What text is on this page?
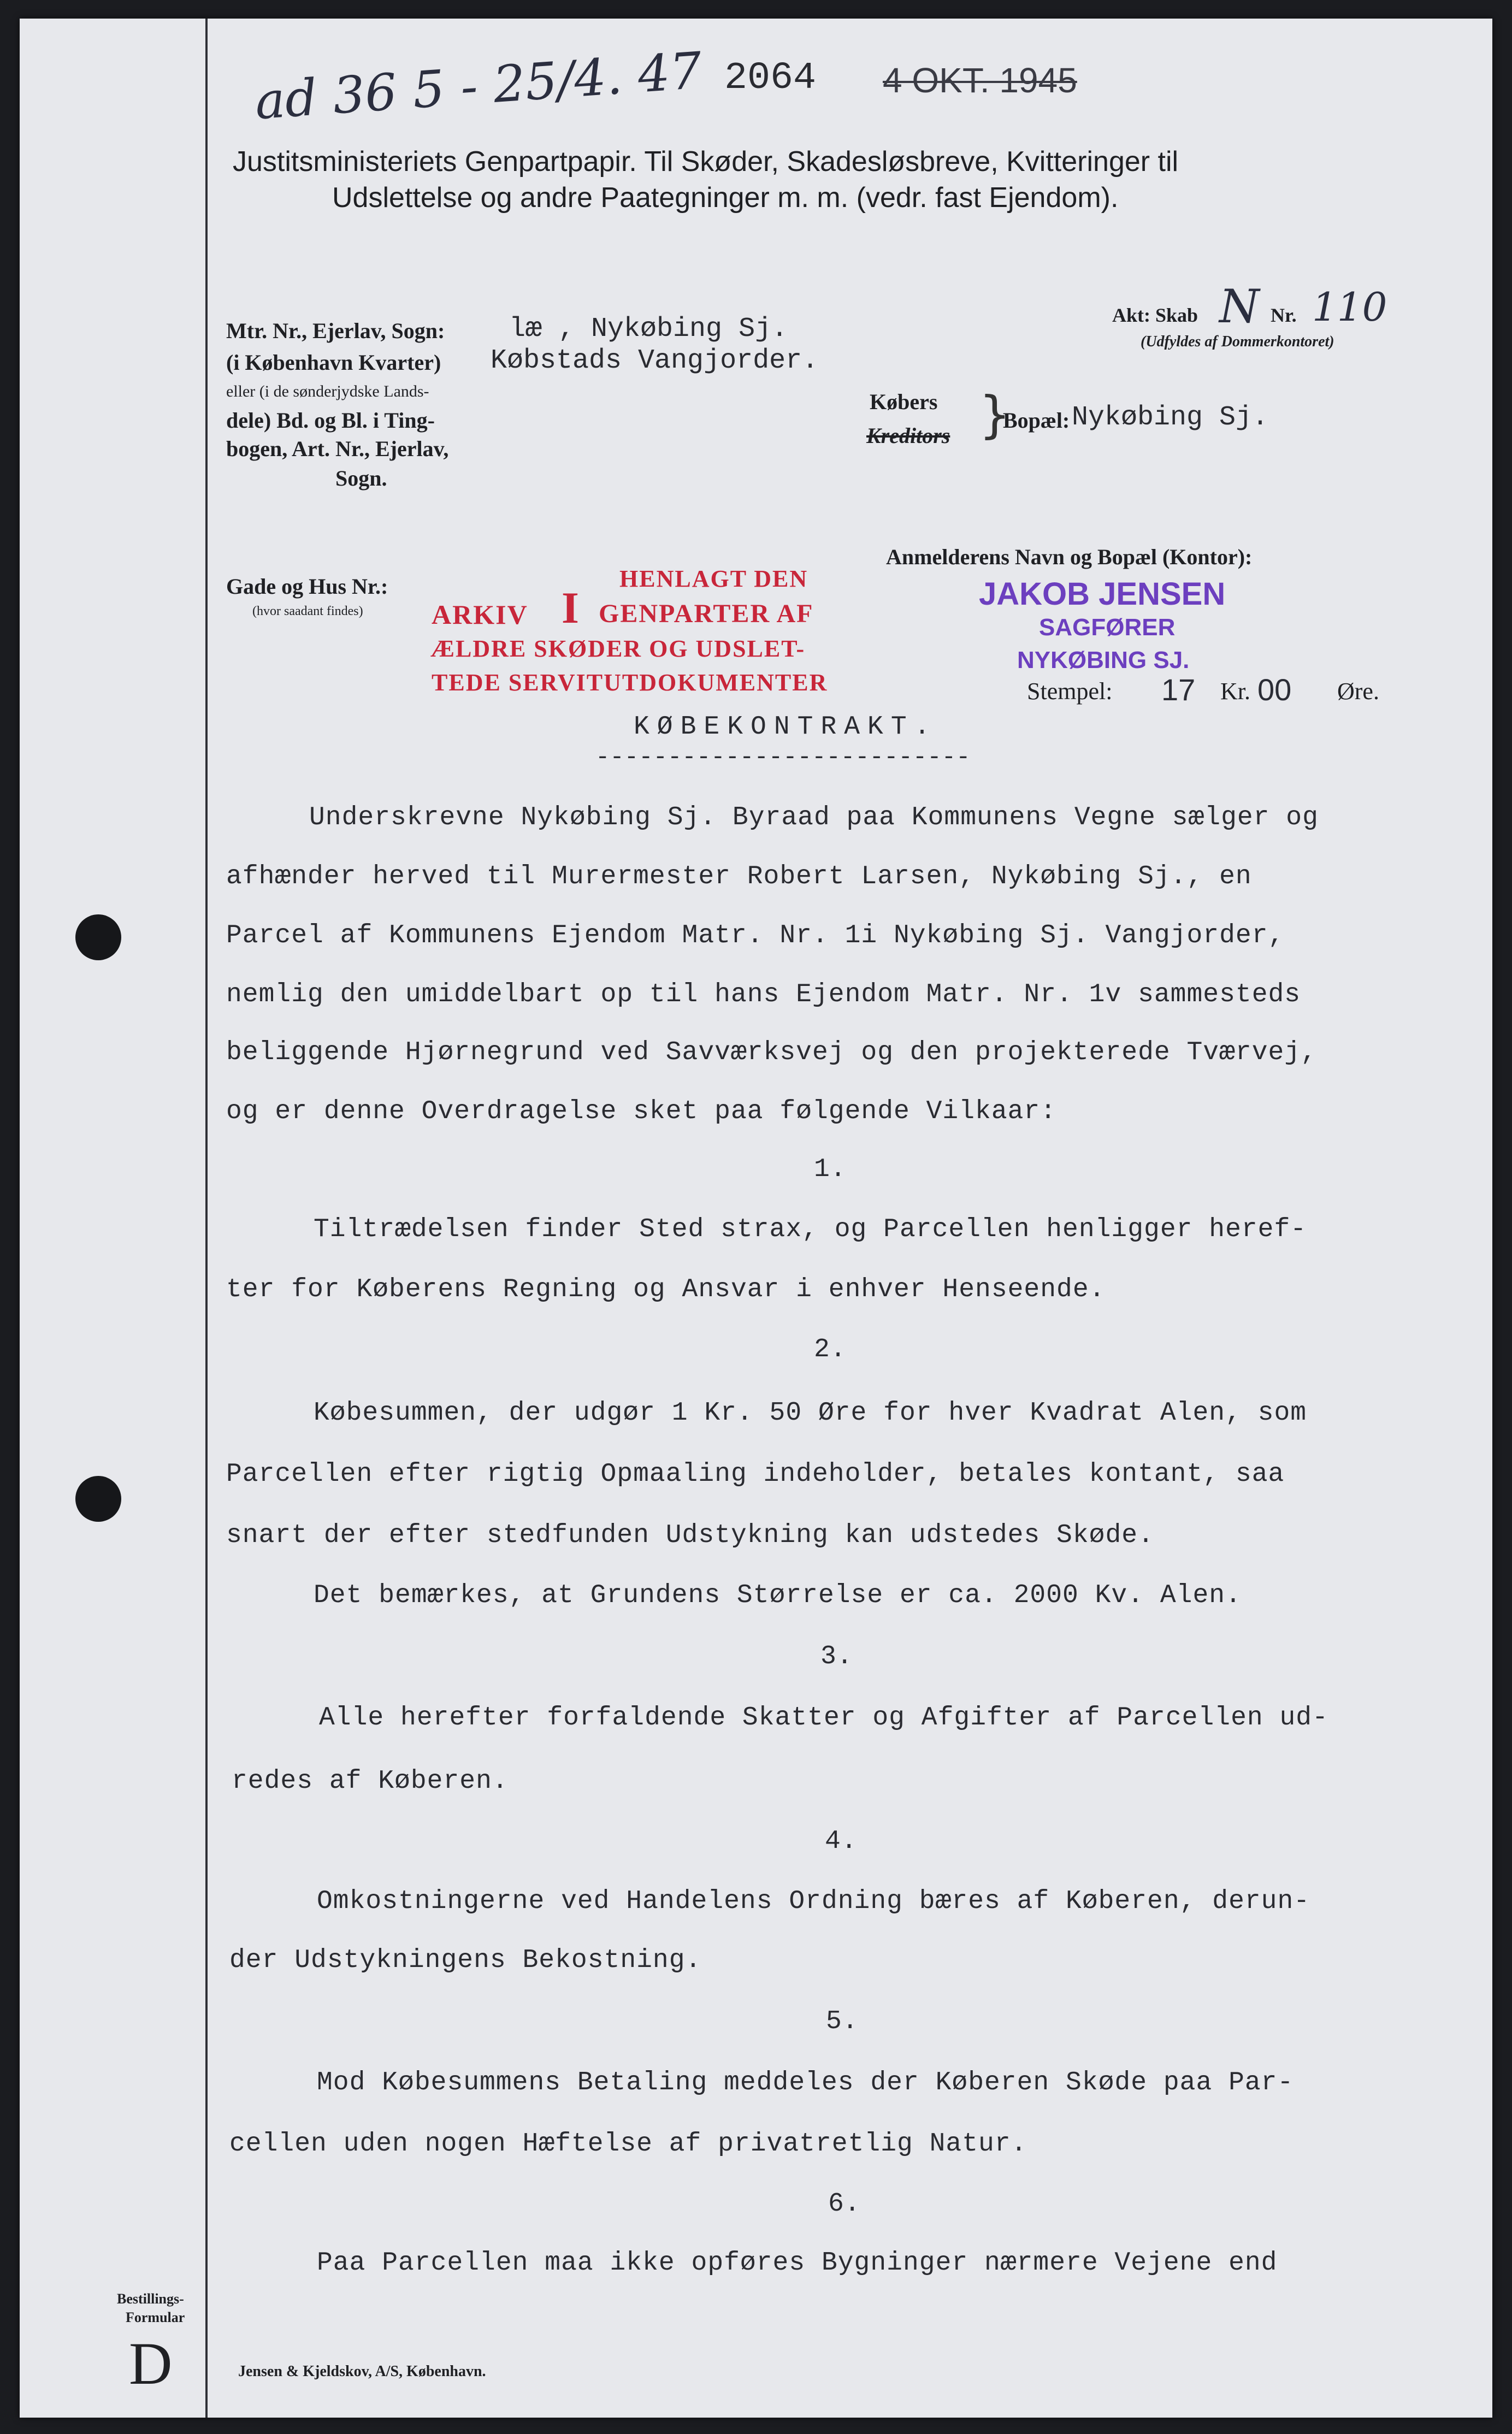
ad 36 5 - 25/4. 47 2064 4 OKT. 1945
Justitsministeriets Genpartpapir. Til Skøder, Skadesløsbreve, Kvitteringer til
Udslettelse og andre Paategninger m. m. (vedr. fast Ejendom).
Akt: Skab N Nr. 110
(Udfyldes af Dommerkontoret)
Mtr. Nr., Ejerlav, Sogn: læ , Nykøbing Sj.
(i København Kvarter) Købstads Vangjorder.
eller (i de sønderjydske Lands-
dele) Bd. og Bl. i Ting-
bogen, Art. Nr., Ejerlav,
Sogn.
Købers
Kreditors }
Bopæl: Nykøbing Sj.
Anmelderens Navn og Bopæl (Kontor):
Gade og Hus Nr.:
(hvor saadant findes)
HENLAGT DEN
ARKIV I GENPARTER AF
ÆLDRE SKØDER OG UDSLET-
TEDE SERVITUTDOKUMENTER
JAKOB JENSEN
SAGFØRER
NYKØBING SJ.
Stempel: 17 Kr. 00 Øre.
KØBEKONTRAKT.
--------------------------
Underskrevne Nykøbing Sj. Byraad paa Kommunens Vegne sælger og
afhænder herved til Murermester Robert Larsen, Nykøbing Sj., en
Parcel af Kommunens Ejendom Matr. Nr. 1i Nykøbing Sj. Vangjorder,
nemlig den umiddelbart op til hans Ejendom Matr. Nr. 1v sammesteds
beliggende Hjørnegrund ved Savværksvej og den projekterede Tværvej,
og er denne Overdragelse sket paa følgende Vilkaar:
1.
Tiltrædelsen finder Sted strax, og Parcellen henligger heref-
ter for Køberens Regning og Ansvar i enhver Henseende.
2.
Købesummen, der udgør 1 Kr. 50 Øre for hver Kvadrat Alen, som
Parcellen efter rigtig Opmaaling indeholder, betales kontant, saa
snart der efter stedfunden Udstykning kan udstedes Skøde.
Det bemærkes, at Grundens Størrelse er ca. 2000 Kv. Alen.
3.
Alle herefter forfaldende Skatter og Afgifter af Parcellen ud-
redes af Køberen.
4.
Omkostningerne ved Handelens Ordning bæres af Køberen, derun-
der Udstykningens Bekostning.
5.
Mod Købesummens Betaling meddeles der Køberen Skøde paa Par-
cellen uden nogen Hæftelse af privatretlig Natur.
6.
Paa Parcellen maa ikke opføres Bygninger nærmere Vejene end
Bestillings-
Formular
D	Jensen & Kjeldskov, A/S, København.
